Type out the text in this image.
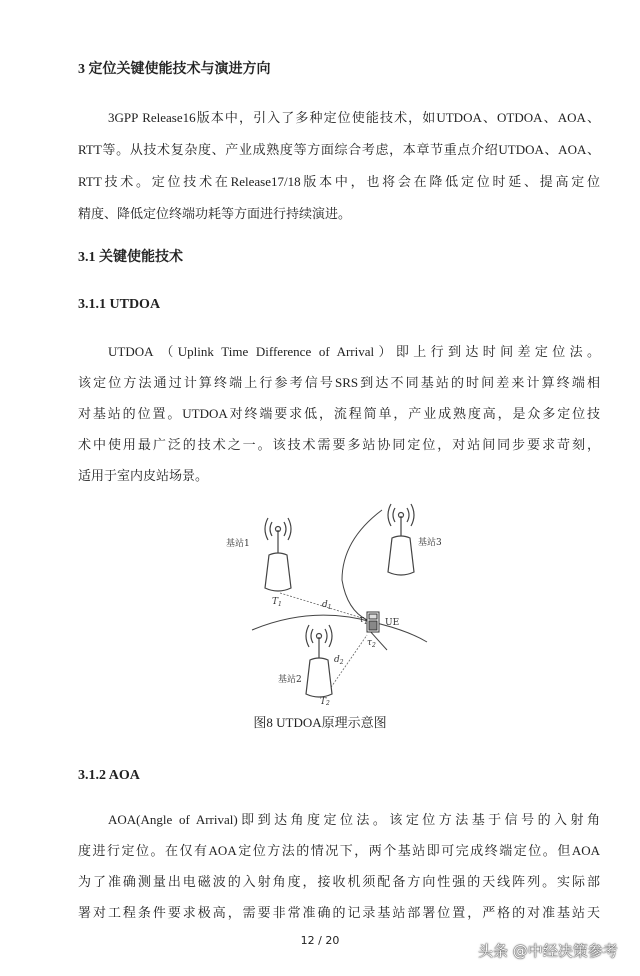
3 定位关键使能技术与演进方向
3GPP Release16版本中，引入了多种定位使能技术，如UTDOA、OTDOA、AOA、
RTT等。从技术复杂度、产业成熟度等方面综合考虑，本章节重点介绍UTDOA、AOA、
RTT技术。定位技术在Release17/18版本中，也将会在降低定位时延、提高定位
精度、降低定位终端功耗等方面进行持续演进。
3.1 关键使能技术
3.1.1 UTDOA
UTDOA （Uplink Time Difference of Arrival）即上行到达时间差定位法。
该定位方法通过计算终端上行参考信号SRS到达不同基站的时间差来计算终端相
对基站的位置。UTDOA对终端要求低，流程简单，产业成熟度高，是众多定位技
术中使用最广泛的技术之一。该技术需要多站协同定位，对站间同步要求苛刻，
适用于室内皮站场景。
基站1	基站3
基站2
UE
$T_1$
T2
$d_1$
$d_2$
$\tau_1$
$\tau_2$
图8 UTDOA原理示意图
3.1.2 AOA
AOA(Angle of Arrival)即到达角度定位法。该定位方法基于信号的入射角
度进行定位。在仅有AOA定位方法的情况下，两个基站即可完成终端定位。但AOA
为了准确测量出电磁波的入射角度，接收机须配备方向性强的天线阵列。实际部
署对工程条件要求极高，需要非常准确的记录基站部署位置，严格的对准基站天
12 / 20
头条 @中经决策参考
